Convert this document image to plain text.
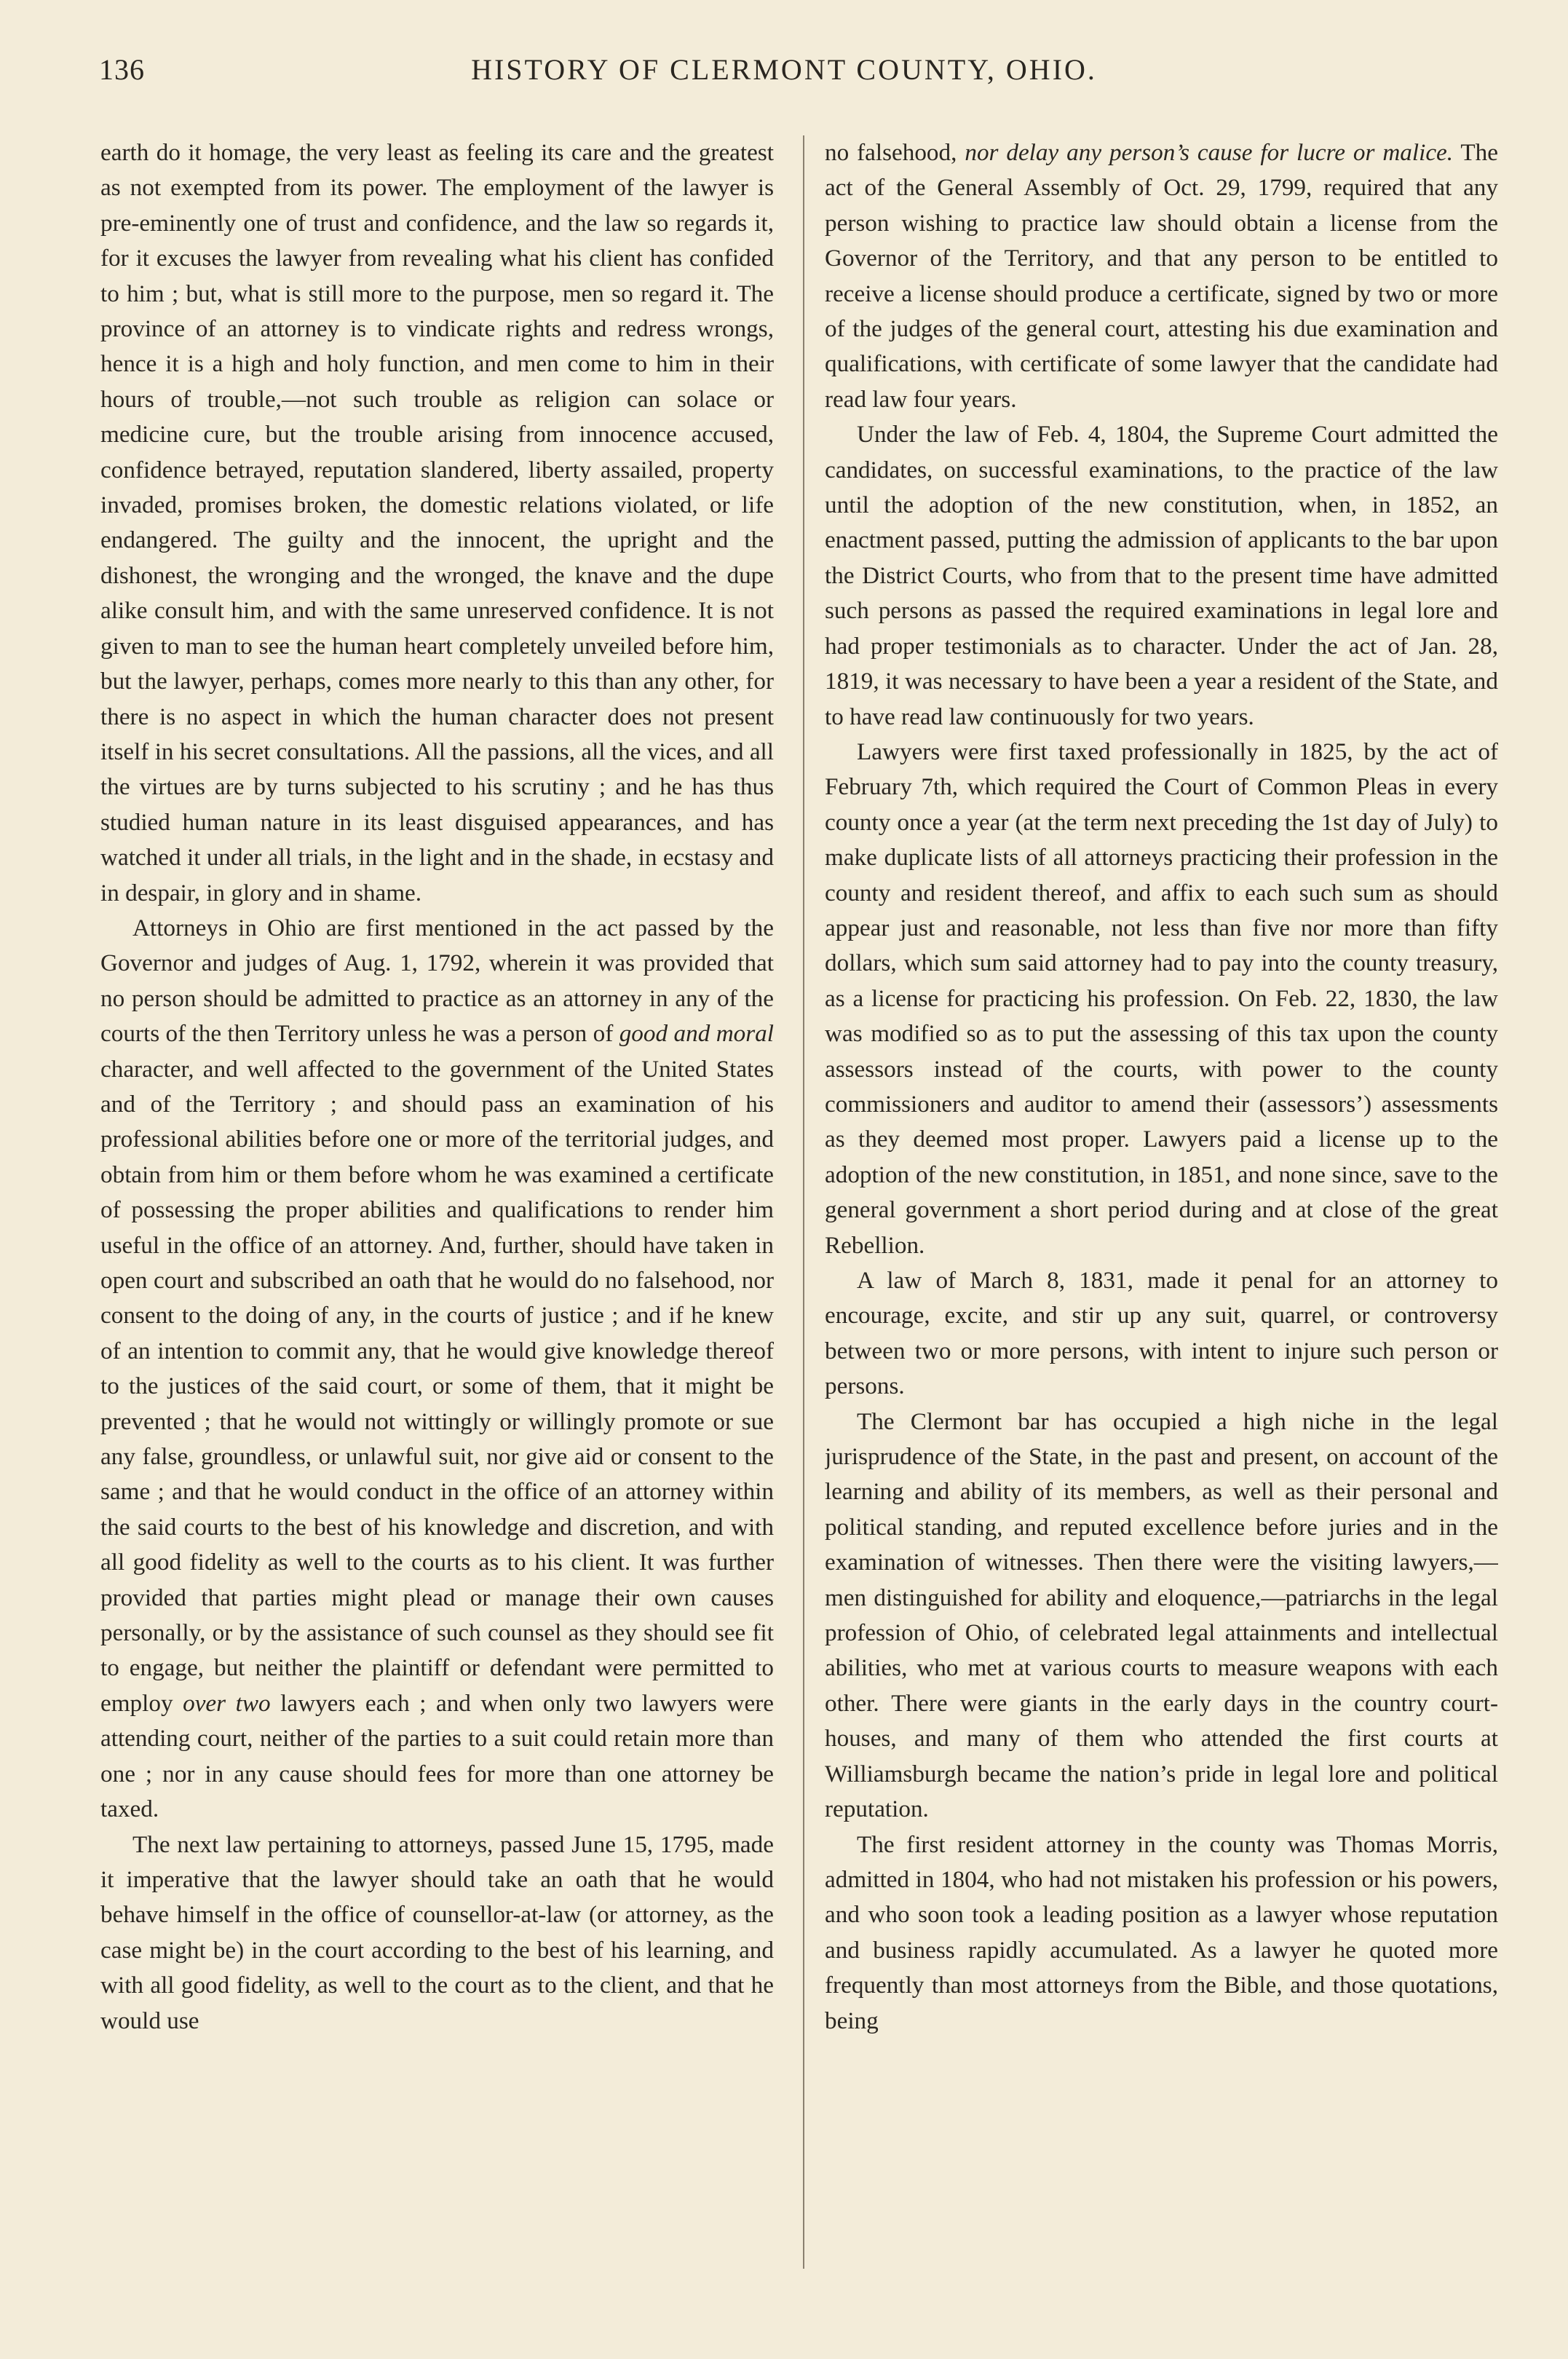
136	HISTORY OF CLERMONT COUNTY, OHIO.

earth do it homage, the very least as feeling its care and the greatest as not exempted from its power. The employment of the lawyer is pre-eminently one of trust and confidence, and the law so regards it, for it excuses the lawyer from revealing what his client has confided to him ; but, what is still more to the purpose, men so regard it. The province of an attorney is to vindicate rights and redress wrongs, hence it is a high and holy function, and men come to him in their hours of trouble,—not such trouble as religion can solace or medicine cure, but the trouble arising from innocence accused, confidence betrayed, reputation slandered, liberty assailed, property invaded, promises broken, the domestic relations violated, or life endangered. The guilty and the innocent, the upright and the dishonest, the wronging and the wronged, the knave and the dupe alike consult him, and with the same unreserved confidence. It is not given to man to see the human heart completely unveiled before him, but the lawyer, perhaps, comes more nearly to this than any other, for there is no aspect in which the human character does not present itself in his secret consultations. All the passions, all the vices, and all the virtues are by turns subjected to his scrutiny ; and he has thus studied human nature in its least disguised appearances, and has watched it under all trials, in the light and in the shade, in ecstasy and in despair, in glory and in shame.

Attorneys in Ohio are first mentioned in the act passed by the Governor and judges of Aug. 1, 1792, wherein it was provided that no person should be admitted to practice as an attorney in any of the courts of the then Territory unless he was a person of good and moral character, and well affected to the government of the United States and of the Territory ; and should pass an examination of his professional abilities before one or more of the territorial judges, and obtain from him or them before whom he was examined a certificate of possessing the proper abilities and qualifications to render him useful in the office of an attorney. And, further, should have taken in open court and subscribed an oath that he would do no falsehood, nor consent to the doing of any, in the courts of justice ; and if he knew of an intention to commit any, that he would give knowledge thereof to the justices of the said court, or some of them, that it might be prevented ; that he would not wittingly or willingly promote or sue any false, groundless, or unlawful suit, nor give aid or consent to the same ; and that he would conduct in the office of an attorney within the said courts to the best of his knowledge and discretion, and with all good fidelity as well to the courts as to his client. It was further provided that parties might plead or manage their own causes personally, or by the assistance of such counsel as they should see fit to engage, but neither the plaintiff or defendant were permitted to employ over two lawyers each ; and when only two lawyers were attending court, neither of the parties to a suit could retain more than one ; nor in any cause should fees for more than one attorney be taxed.

The next law pertaining to attorneys, passed June 15, 1795, made it imperative that the lawyer should take an oath that he would behave himself in the office of counsellor-at-law (or attorney, as the case might be) in the court according to the best of his learning, and with all good fidelity, as well to the court as to the client, and that he would use

no falsehood, nor delay any person’s cause for lucre or malice. The act of the General Assembly of Oct. 29, 1799, required that any person wishing to practice law should obtain a license from the Governor of the Territory, and that any person to be entitled to receive a license should produce a certificate, signed by two or more of the judges of the general court, attesting his due examination and qualifications, with certificate of some lawyer that the candidate had read law four years.

Under the law of Feb. 4, 1804, the Supreme Court admitted the candidates, on successful examinations, to the practice of the law until the adoption of the new constitution, when, in 1852, an enactment passed, putting the admission of applicants to the bar upon the District Courts, who from that to the present time have admitted such persons as passed the required examinations in legal lore and had proper testimonials as to character. Under the act of Jan. 28, 1819, it was necessary to have been a year a resident of the State, and to have read law continuously for two years.

Lawyers were first taxed professionally in 1825, by the act of February 7th, which required the Court of Common Pleas in every county once a year (at the term next preceding the 1st day of July) to make duplicate lists of all attorneys practicing their profession in the county and resident thereof, and affix to each such sum as should appear just and reasonable, not less than five nor more than fifty dollars, which sum said attorney had to pay into the county treasury, as a license for practicing his profession. On Feb. 22, 1830, the law was modified so as to put the assessing of this tax upon the county assessors instead of the courts, with power to the county commissioners and auditor to amend their (assessors’) assessments as they deemed most proper. Lawyers paid a license up to the adoption of the new constitution, in 1851, and none since, save to the general government a short period during and at close of the great Rebellion.

A law of March 8, 1831, made it penal for an attorney to encourage, excite, and stir up any suit, quarrel, or controversy between two or more persons, with intent to injure such person or persons.

The Clermont bar has occupied a high niche in the legal jurisprudence of the State, in the past and present, on account of the learning and ability of its members, as well as their personal and political standing, and reputed excellence before juries and in the examination of witnesses. Then there were the visiting lawyers,—men distinguished for ability and eloquence,—patriarchs in the legal profession of Ohio, of celebrated legal attainments and intellectual abilities, who met at various courts to measure weapons with each other. There were giants in the early days in the country court-houses, and many of them who attended the first courts at Williamsburgh became the nation’s pride in legal lore and political reputation.

The first resident attorney in the county was Thomas Morris, admitted in 1804, who had not mistaken his profession or his powers, and who soon took a leading position as a lawyer whose reputation and business rapidly accumulated. As a lawyer he quoted more frequently than most attorneys from the Bible, and those quotations, being
